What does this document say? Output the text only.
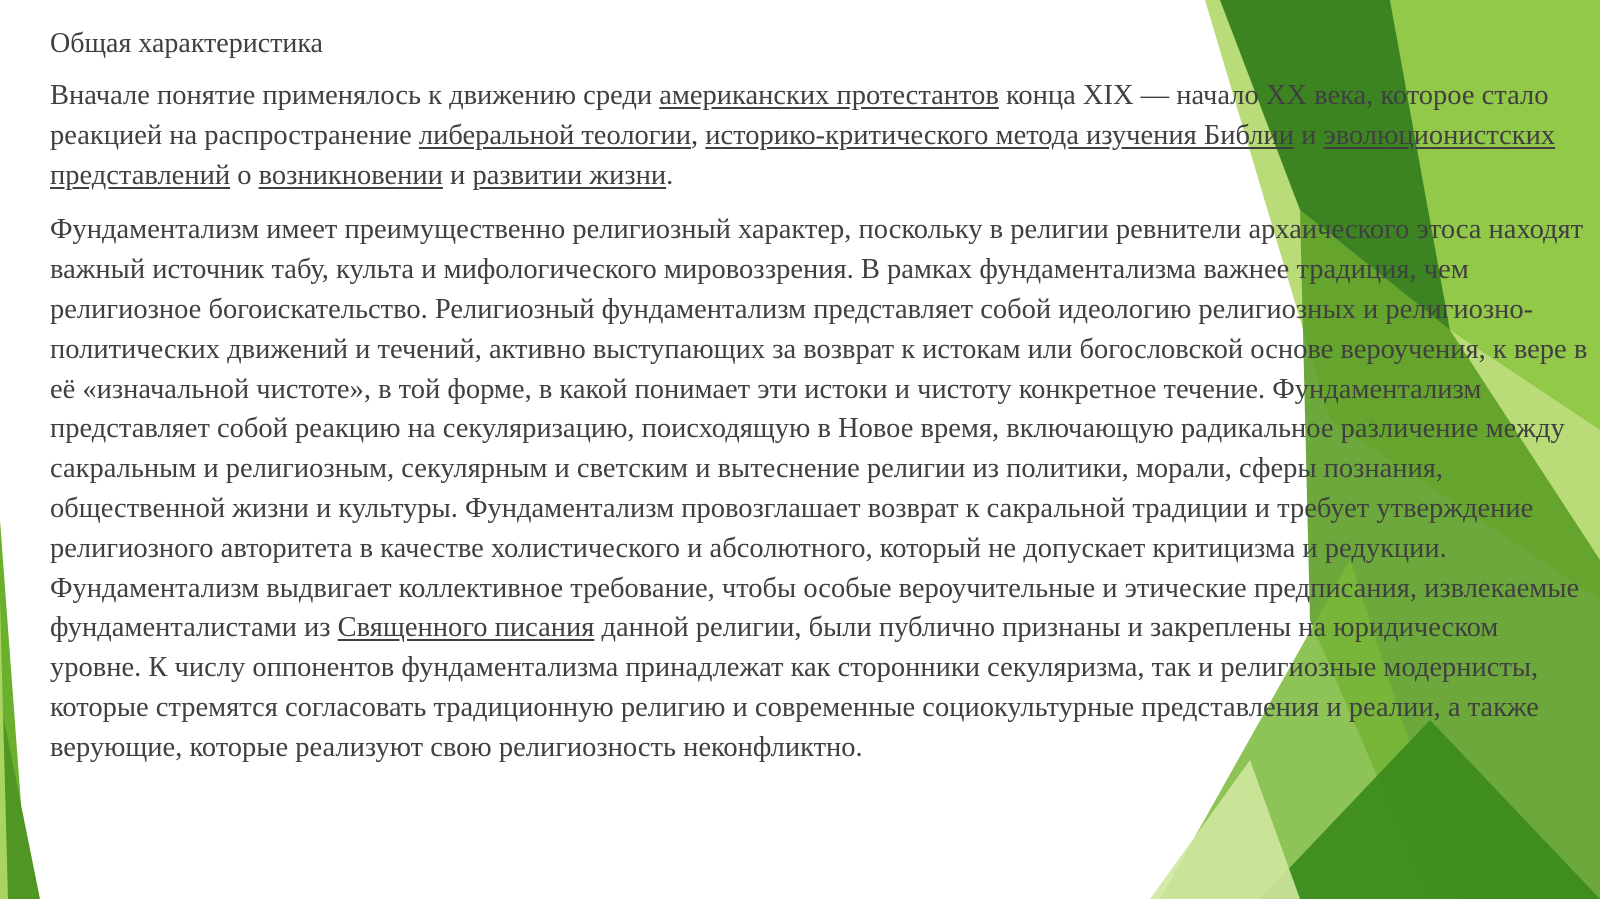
Общая характеристика

Вначале понятие применялось к движению среди американских протестантов конца XIX — начало XX века, которое стало реакцией на распространение либеральной теологии, историко-критического метода изучения Библии и эволюционистских представлений о возникновении и развитии жизни.

Фундаментализм имеет преимущественно религиозный характер, поскольку в религии ревнители архаического этоса находят важный источник табу, культа и мифологического мировоззрения. В рамках фундаментализма важнее традиция, чем религиозное богоискательство. Религиозный фундаментализм представляет собой идеологию религиозных и религиозно-политических движений и течений, активно выступающих за возврат к истокам или богословской основе вероучения, к вере в её «изначальной чистоте», в той форме, в какой понимает эти истоки и чистоту конкретное течение. Фундаментализм представляет собой реакцию на секуляризацию, поисходящую в Новое время, включающую радикальное различение между сакральным и религиозным, секулярным и светским и вытеснение религии из политики, морали, сферы познания, общественной жизни и культуры. Фундаментализм провозглашает возврат к сакральной традиции и требует утверждение религиозного авторитета в качестве холистического и абсолютного, который не допускает критицизма и редукции. Фундаментализм выдвигает коллективное требование, чтобы особые вероучительные и этические предписания, извлекаемые фундаменталистами из Священного писания данной религии, были публично признаны и закреплены на юридическом уровне. К числу оппонентов фундаментализма принадлежат как сторонники секуляризма, так и религиозные модернисты, которые стремятся согласовать традиционную религию и современные социокультурные представления и реалии, а также верующие, которые реализуют свою религиозность неконфликтно.
